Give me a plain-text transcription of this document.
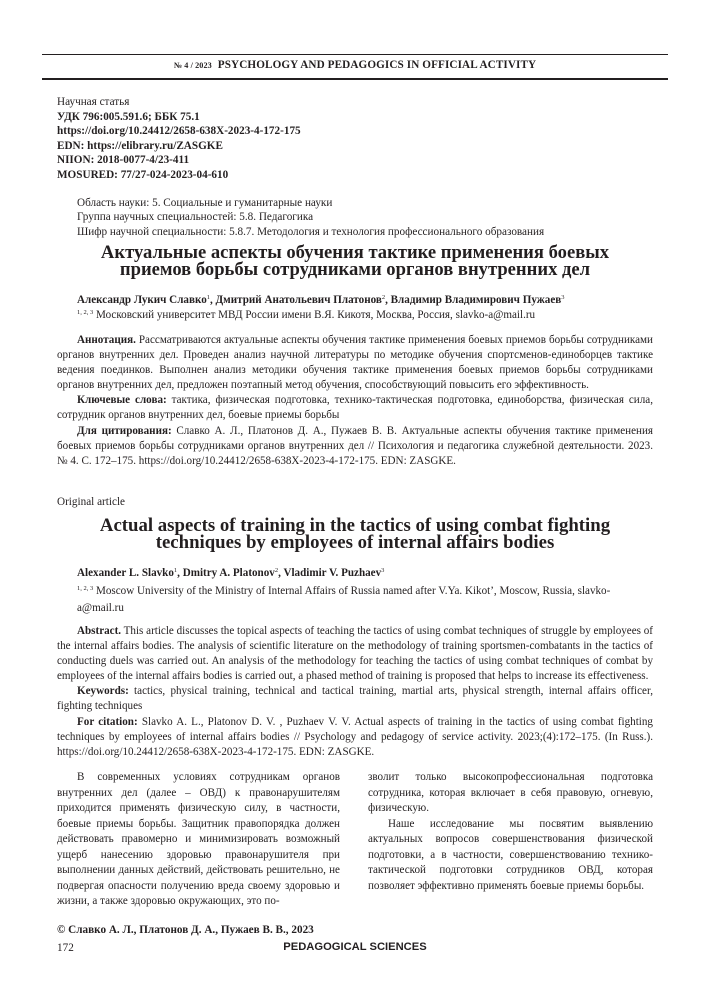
№ 4 / 2023 PSYCHOLOGY AND PEDAGOGICS IN OFFICIAL ACTIVITY
Научная статья
УДК 796:005.591.6; ББК 75.1
https://doi.org/10.24412/2658-638X-2023-4-172-175
EDN: https://elibrary.ru/ZASGKE
NIION: 2018-0077-4/23-411
MOSURED: 77/27-024-2023-04-610
Область науки: 5. Социальные и гуманитарные науки
Группа научных специальностей: 5.8. Педагогика
Шифр научной специальности: 5.8.7. Методология и технология профессионального образования
Актуальные аспекты обучения тактике применения боевых
приемов борьбы сотрудниками органов внутренних дел
Александр Лукич Славко$^1$, Дмитрий Анатольевич Платонов$^2$, Владимир Владимирович Пужаев$^3$
$^{1, 2, 3}$ Московский университет МВД России имени В.Я. Кикотя, Москва, Россия, slavko-a@mail.ru

Аннотация. Рассматриваются актуальные аспекты обучения тактике применения боевых приемов борьбы сотрудниками органов внутренних дел. Проведен анализ научной литературы по методике обучения спортсменов-единоборцев тактике ведения поединков. Выполнен анализ методики обучения тактике применения боевых приемов борьбы сотрудниками органов внутренних дел, предложен поэтапный метод обучения, способствующий повысить его эффективность.

Ключевые слова: тактика, физическая подготовка, технико-тактическая подготовка, единоборства, физическая сила, сотрудник органов внутренних дел, боевые приемы борьбы

Для цитирования: Славко А. Л., Платонов Д. А., Пужаев В. В. Актуальные аспекты обучения тактике применения боевых приемов борьбы сотрудниками органов внутренних дел // Психология и педагогика служебной деятельности. 2023. № 4. С. 172–175. https://doi.org/10.24412/2658-638X-2023-4-172-175. EDN: ZASGKE.

Original article
Actual aspects of training in the tactics of using combat fighting
techniques by employees of internal affairs bodies
Alexander L. Slavko$^1$, Dmitry A. Platonov$^2$, Vladimir V. Puzhaev$^3$
$^{1, 2, 3}$ Moscow University of the Ministry of Internal Affairs of Russia named after V.Ya. Kikot’, Moscow, Russia, slavko-a@mail.ru

Abstract. This article discusses the topical aspects of teaching the tactics of using combat techniques of struggle by employees of the internal affairs bodies. The analysis of scientific literature on the methodology of training sportsmen-combatants in the tactics of conducting duels was carried out. An analysis of the methodology for teaching the tactics of using combat techniques of combat by employees of the internal affairs bodies is carried out, a phased method of training is proposed that helps to increase its effectiveness.

Keywords: tactics, physical training, technical and tactical training, martial arts, physical strength, internal affairs officer, fighting techniques

For citation: Slavko A. L., Platonov D. V. , Puzhaev V. V. Actual aspects of training in the tactics of using combat fighting techniques by employees of internal affairs bodies // Psychology and pedagogy of service activity. 2023;(4):172–175. (In Russ.). https://doi.org/10.24412/2658-638X-2023-4-172-175. EDN: ZASGKE.

В современных условиях сотрудникам органов внутренних дел (далее – ОВД) к правонарушителям приходится применять физическую силу, в частности, боевые приемы борьбы. Защитник правопорядка должен действовать правомерно и минимизировать возможный ущерб нанесению здоровью правонарушителя при выполнении данных действий, действовать решительно, не подвергая опасности получению вреда своему здоровью и жизни, а также здоровью окружающих, это по-

зволит только высокопрофессиональная подготовка сотрудника, которая включает в себя правовую, огневую, физическую.

Наше исследование мы посвятим выявлению актуальных вопросов совершенствования физической подготовки, а в частности, совершенствованию технико-тактической подготовки сотрудников ОВД, которая позволяет эффективно применять боевые приемы борьбы.

© Славко А. Л., Платонов Д. А., Пужаев В. В., 2023
172	PEDAGOGICAL SCIENCES
